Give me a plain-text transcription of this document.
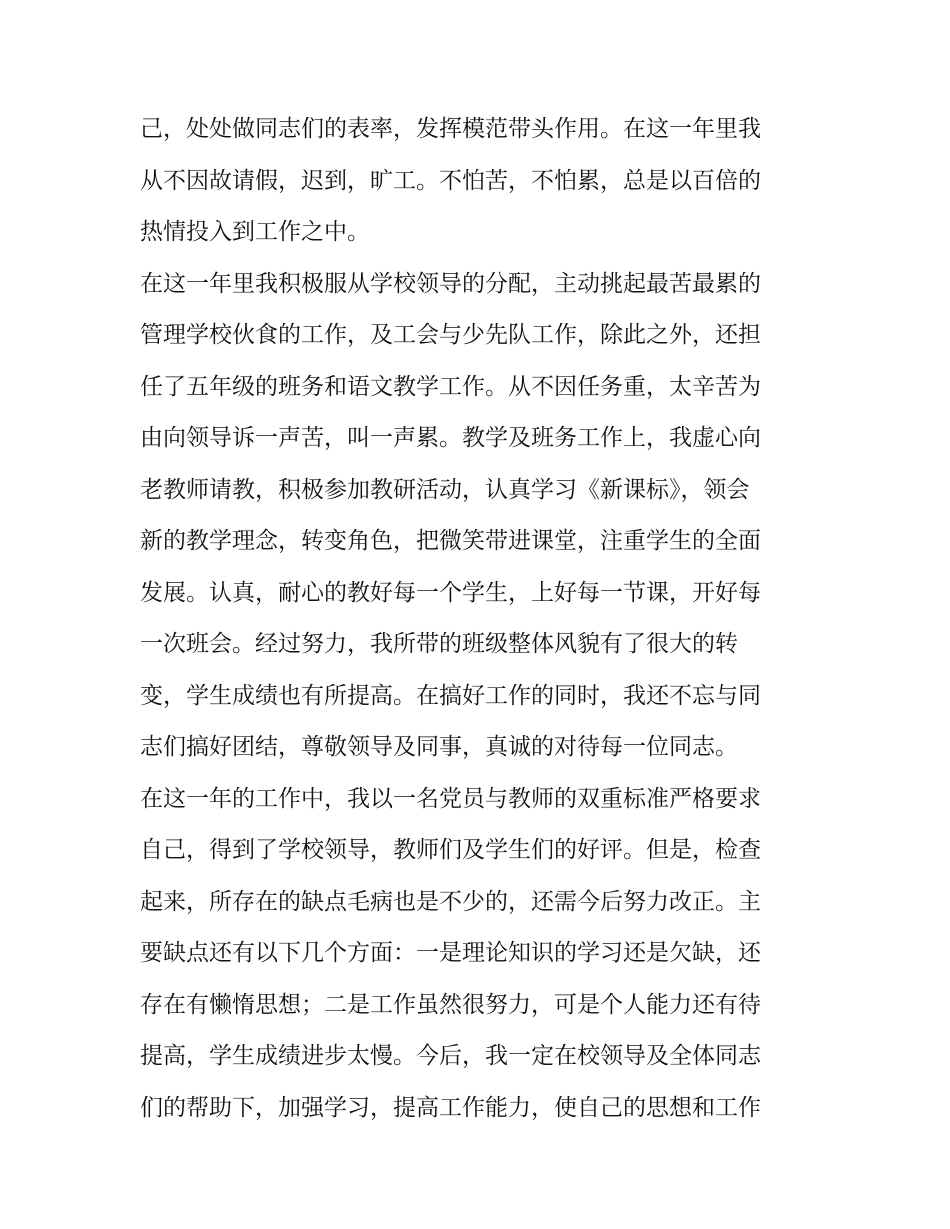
己，处处做同志们的表率，发挥模范带头作用。在这一年里我
从不因故请假，迟到，旷工。不怕苦，不怕累，总是以百倍的
热情投入到工作之中。
在这一年里我积极服从学校领导的分配，主动挑起最苦最累的
管理学校伙食的工作，及工会与少先队工作，除此之外，还担
任了五年级的班务和语文教学工作。从不因任务重，太辛苦为
由向领导诉一声苦，叫一声累。教学及班务工作上，我虚心向
老教师请教，积极参加教研活动，认真学习《新课标》，领会
新的教学理念，转变角色，把微笑带进课堂，注重学生的全面
发展。认真，耐心的教好每一个学生，上好每一节课，开好每
一次班会。经过努力，我所带的班级整体风貌有了很大的转
变，学生成绩也有所提高。在搞好工作的同时，我还不忘与同
志们搞好团结，尊敬领导及同事，真诚的对待每一位同志。
在这一年的工作中，我以一名党员与教师的双重标准严格要求
自己，得到了学校领导，教师们及学生们的好评。但是，检查
起来，所存在的缺点毛病也是不少的，还需今后努力改正。主
要缺点还有以下几个方面：一是理论知识的学习还是欠缺，还
存在有懒惰思想；二是工作虽然很努力，可是个人能力还有待
提高，学生成绩进步太慢。今后，我一定在校领导及全体同志
们的帮助下，加强学习，提高工作能力，使自己的思想和工作
